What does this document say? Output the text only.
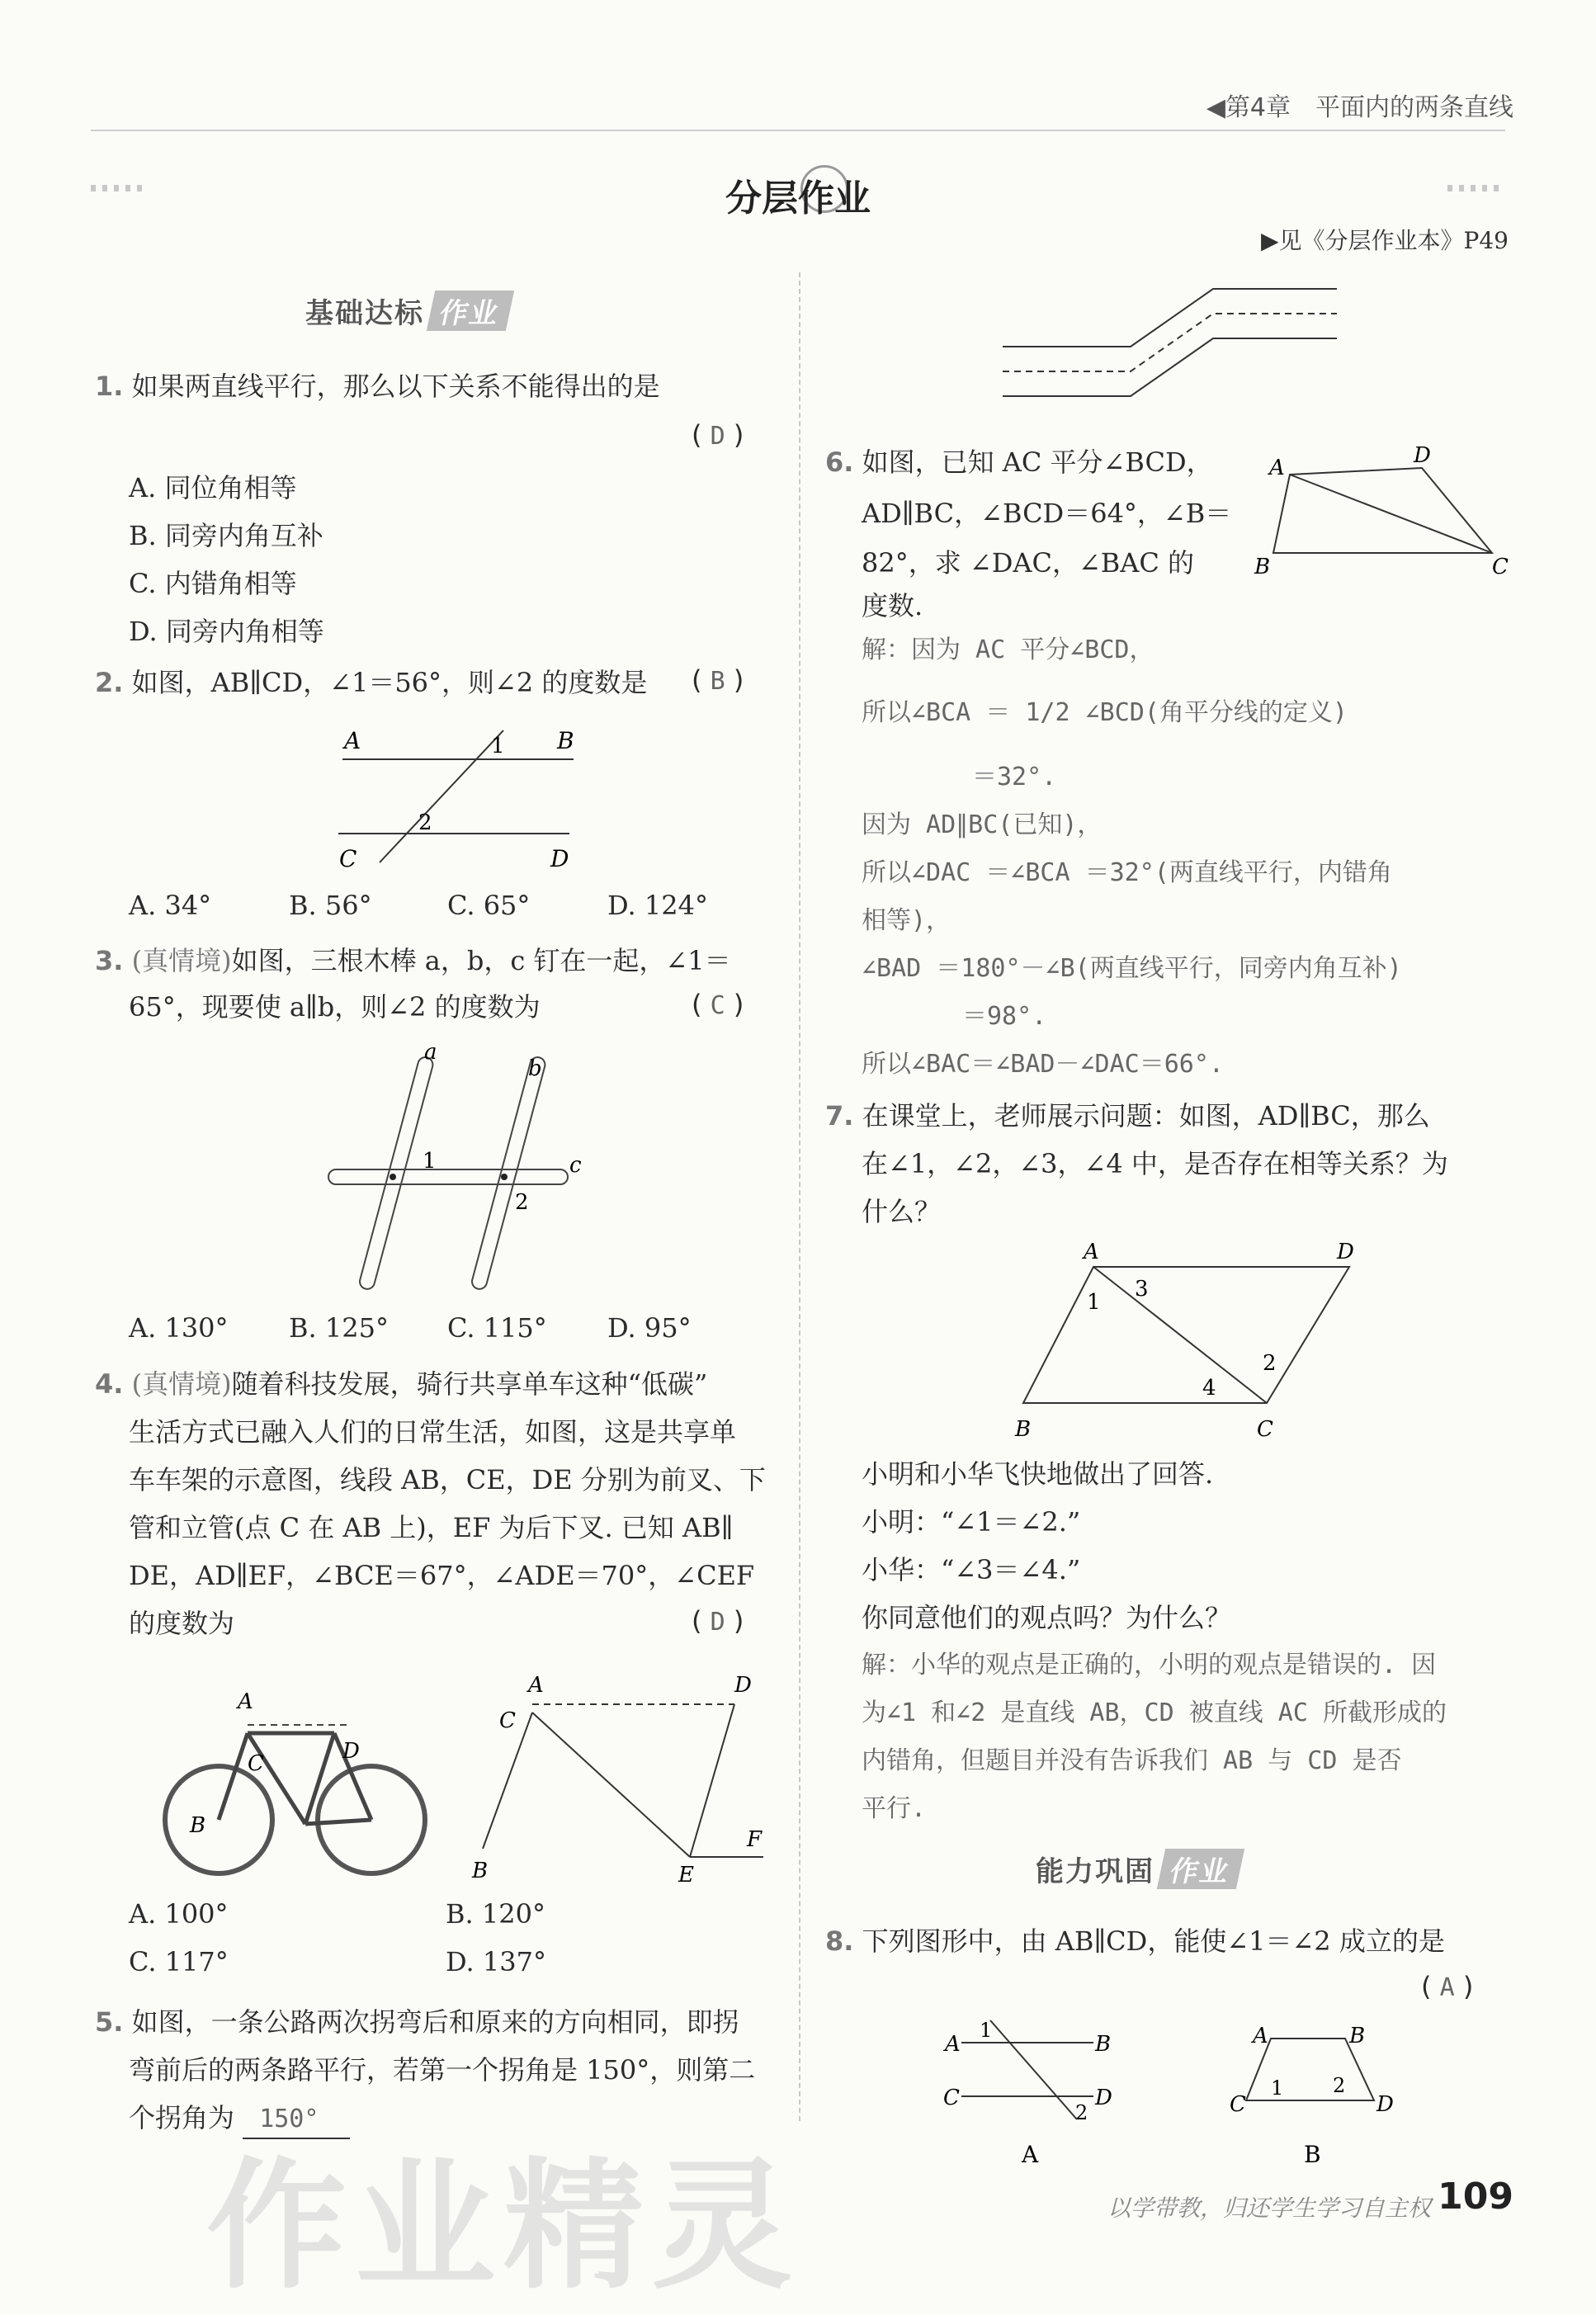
◀第4章　平面内的两条直线
分层作业
▶见《分层作业本》P49
基础达标 作业
1. 如果两直线平行，那么以下关系不能得出的是
( D )
A. 同位角相等
B. 同旁内角互补
C. 内错角相等
D. 同旁内角相等
2. 如图，AB∥CD，∠1＝56°，则∠2 的度数是 ( B )
A	B
C	D
1
2
A. 34°	B. 56°	C. 65°	D. 124°
3. (真情境)如图，三根木棒 a，b，c 钉在一起，∠1＝
65°，现要使 a∥b，则∠2 的度数为	( C )
a
b
c
1
2
A. 130° B. 125° C. 115° D. 95°
4. (真情境)随着科技发展，骑行共享单车这种“低碳”
生活方式已融入人们的日常生活，如图，这是共享单
车车架的示意图，线段 AB，CE，DE 分别为前叉、下
管和立管(点 C 在 AB 上)，EF 为后下叉. 已知 AB∥
DE，AD∥EF，∠BCE＝67°，∠ADE＝70°，∠CEF
的度数为	( D )
A
D
C
B
A	D
C
B	E
F
A. 100°	B. 120°
C. 117°	D. 137°
5. 如图，一条公路两次拐弯后和原来的方向相同，即拐
弯前后的两条路平行，若第一个拐角是 150°，则第二
个拐角为 150°
6. 如图，已知 AC 平分∠BCD，
AD∥BC，∠BCD＝64°，∠B＝
82°，求 ∠DAC，∠BAC 的
度数.
A	D
B	C
解：因为 AC 平分∠BCD，
所以∠BCA ＝ 1/2 ∠BCD(角平分线的定义)
＝32°.
因为 AD∥BC(已知)，
所以∠DAC ＝∠BCA ＝32°(两直线平行，内错角
相等)，
∠BAD ＝180°－∠B(两直线平行，同旁内角互补)
＝98°.
所以∠BAC＝∠BAD－∠DAC＝66°.
7. 在课堂上，老师展示问题：如图，AD∥BC，那么
在∠1，∠2，∠3，∠4 中，是否存在相等关系？为
什么？
A	D
B	C
1
2
3
4
小明和小华飞快地做出了回答.
小明：“∠1＝∠2.”
小华：“∠3＝∠4.”
你同意他们的观点吗？为什么？
解：小华的观点是正确的，小明的观点是错误的. 因
为∠1 和∠2 是直线 AB，CD 被直线 AC 所截形成的
内错角，但题目并没有告诉我们 AB 与 CD 是否
平行.
能力巩固 作业
8. 下列图形中，由 AB∥CD，能使∠1＝∠2 成立的是
( A )
A	B
C	D
1
2
A
A	B
C	D
1 2
B
以学带教，归还学生学习自主权 109
作业精灵
